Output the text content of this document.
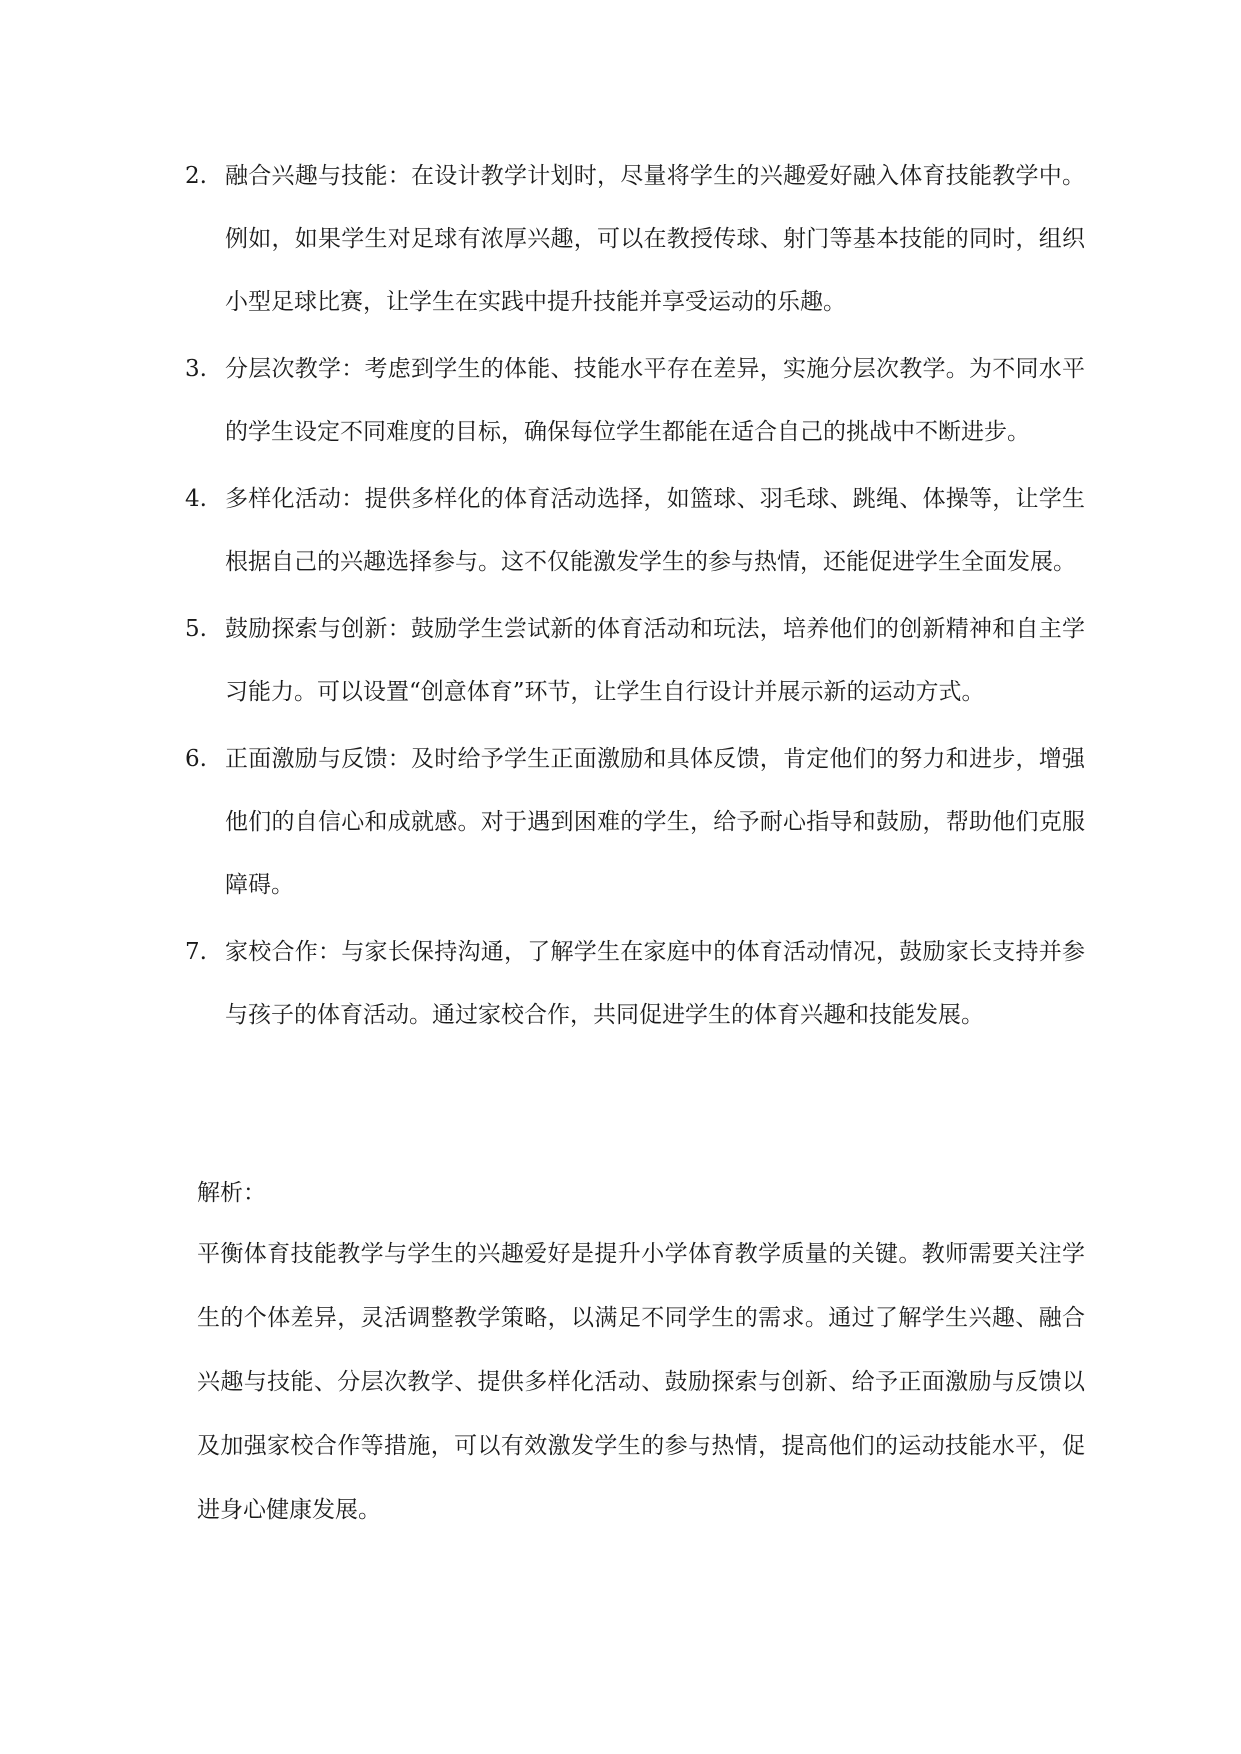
2. 融合兴趣与技能：在设计教学计划时，尽量将学生的兴趣爱好融入体育技能教学中。例如，如果学生对足球有浓厚兴趣，可以在教授传球、射门等基本技能的同时，组织小型足球比赛，让学生在实践中提升技能并享受运动的乐趣。
3. 分层次教学：考虑到学生的体能、技能水平存在差异，实施分层次教学。为不同水平的学生设定不同难度的目标，确保每位学生都能在适合自己的挑战中不断进步。
4. 多样化活动：提供多样化的体育活动选择，如篮球、羽毛球、跳绳、体操等，让学生根据自己的兴趣选择参与。这不仅能激发学生的参与热情，还能促进学生全面发展。
5. 鼓励探索与创新：鼓励学生尝试新的体育活动和玩法，培养他们的创新精神和自主学习能力。可以设置“创意体育”环节，让学生自行设计并展示新的运动方式。
6. 正面激励与反馈：及时给予学生正面激励和具体反馈，肯定他们的努力和进步，增强他们的自信心和成就感。对于遇到困难的学生，给予耐心指导和鼓励，帮助他们克服障碍。
7. 家校合作：与家长保持沟通，了解学生在家庭中的体育活动情况，鼓励家长支持并参与孩子的体育活动。通过家校合作，共同促进学生的体育兴趣和技能发展。

解析：

平衡体育技能教学与学生的兴趣爱好是提升小学体育教学质量的关键。教师需要关注学生的个体差异，灵活调整教学策略，以满足不同学生的需求。通过了解学生兴趣、融合兴趣与技能、分层次教学、提供多样化活动、鼓励探索与创新、给予正面激励与反馈以及加强家校合作等措施，可以有效激发学生的参与热情，提高他们的运动技能水平，促进身心健康发展。
